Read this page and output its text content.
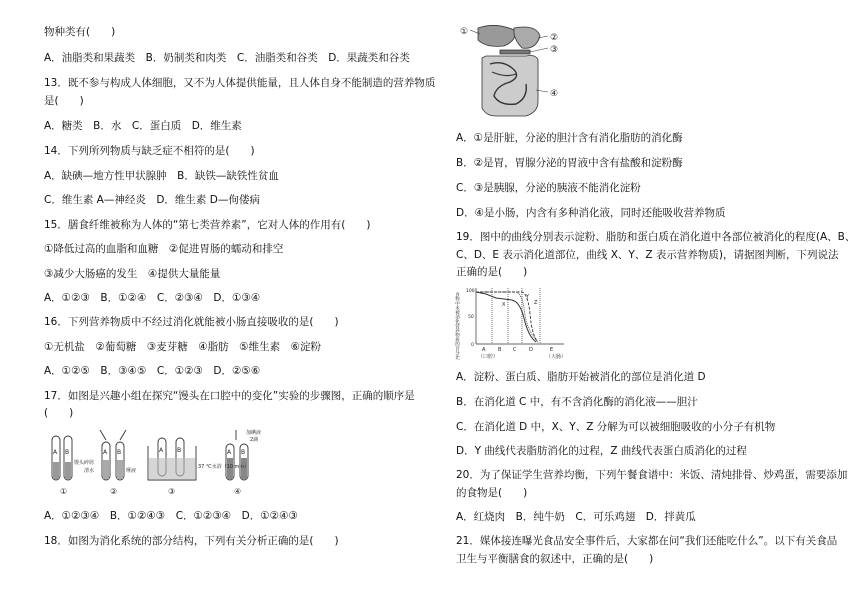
物种类有(　　)
A．油脂类和果蔬类　B．奶制类和肉类　C．油脂类和谷类　D．果蔬类和谷类
13．既不参与构成人体细胞，又不为人体提供能量，且人体自身不能制造的营养物质
是(　　)
A．糖类　B．水　C．蛋白质　D．维生素
14．下列所列物质与缺乏症不相符的是(　　)
A．缺碘—地方性甲状腺肿　B．缺铁—缺铁性贫血
C．维生素 A—神经炎　D．维生素 D—佝偻病
15．膳食纤维被称为人体的“第七类营养素”，它对人体的作用有(　　)
①降低过高的血脂和血糖　②促进胃肠的蠕动和排空
③减少大肠癌的发生　④提供大量能量
A．①②③　B．①②④　C．②③④　D．①③④
16．下列营养物质中不经过消化就能被小肠直接吸收的是(　　)
①无机盐　②葡萄糖　③麦芽糖　④脂肪　⑤维生素　⑥淀粉
A．①②⑤　B．③④⑤　C．①②③　D．②⑤⑥
17．如图是兴趣小组在探究“馒头在口腔中的变化”实验的步骤图，正确的顺序是
(　　)
A B	A B	A B	A B
馒头碎屑
清水	唾液
37 ℃水浴（10 min）
加碘液
2滴
①	②	③	④
A．①②③④　B．①②④③　C．①②③④　D．①②④③
18．如图为消化系统的部分结构，下列有关分析正确的是(　　)
①
②
③
④
A．①是肝脏，分泌的胆汁含有消化脂肪的消化酶
B．②是胃，胃腺分泌的胃液中含有盐酸和淀粉酶
C．③是胰腺，分泌的胰液不能消化淀粉
D．④是小肠，内含有多种消化液，同时还能吸收营养物质
19．图中的曲线分别表示淀粉、脂肪和蛋白质在消化道中各部位被消化的程度(A、B、
C、D、E 表示消化道部位，曲线 X、Y、Z 表示营养物质)，请据图判断，下列说法
正确的是(　　)
食物中未被消化营养物质的百分比
100
50
0
X
Y
Z
A	B C	D	E
（口腔）	（大肠）
A．淀粉、蛋白质、脂肪开始被消化的部位是消化道 D
B．在消化道 C 中，有不含消化酶的消化液——胆汁
C．在消化道 D 中，X、Y、Z 分解为可以被细胞吸收的小分子有机物
D．Y 曲线代表脂肪消化的过程，Z 曲线代表蛋白质消化的过程
20．为了保证学生营养均衡，下列午餐食谱中：米饭、清炖排骨、炒鸡蛋，需要添加
的食物是(　　)
A．红烧肉　B．纯牛奶　C．可乐鸡翅　D．拌黄瓜
21．媒体接连曝光食品安全事件后，大家都在问“我们还能吃什么”。以下有关食品
卫生与平衡膳食的叙述中，正确的是(　　)
